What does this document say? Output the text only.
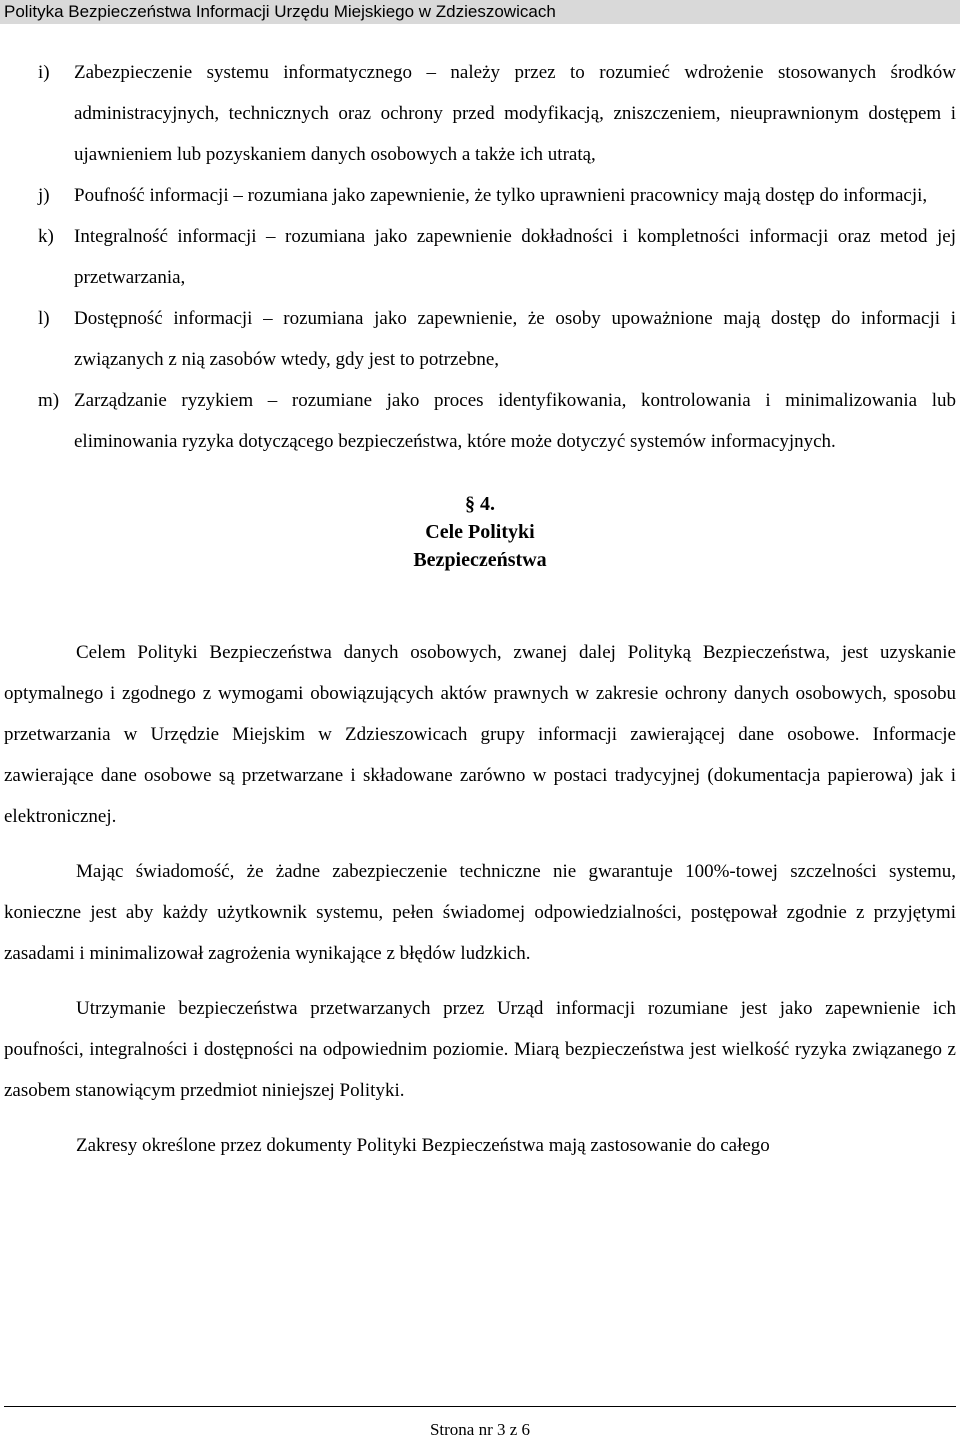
Polityka Bezpieczeństwa Informacji Urzędu Miejskiego w Zdzieszowicach
i) Zabezpieczenie systemu informatycznego – należy przez to rozumieć wdrożenie stosowanych środków administracyjnych, technicznych oraz ochrony przed modyfikacją, zniszczeniem, nieuprawnionym dostępem i ujawnieniem lub pozyskaniem danych osobowych a także ich utratą,
j) Poufność informacji – rozumiana jako zapewnienie, że tylko uprawnieni pracownicy mają dostęp do informacji,
k) Integralność informacji – rozumiana jako zapewnienie dokładności i kompletności informacji oraz metod jej przetwarzania,
l) Dostępność informacji – rozumiana jako zapewnienie, że osoby upoważnione mają dostęp do informacji i związanych z nią zasobów wtedy, gdy jest to potrzebne,
m) Zarządzanie ryzykiem – rozumiane jako proces identyfikowania, kontrolowania i minimalizowania lub eliminowania ryzyka dotyczącego bezpieczeństwa, które może dotyczyć systemów informacyjnych.
§ 4.
Cele Polityki
Bezpieczeństwa

Celem Polityki Bezpieczeństwa danych osobowych, zwanej dalej Polityką Bezpieczeństwa, jest uzyskanie optymalnego i zgodnego z wymogami obowiązujących aktów prawnych w zakresie ochrony danych osobowych, sposobu przetwarzania w Urzędzie Miejskim w Zdzieszowicach grupy informacji zawierającej dane osobowe. Informacje zawierające dane osobowe są przetwarzane i składowane zarówno w postaci tradycyjnej (dokumentacja papierowa) jak i elektronicznej.

Mając świadomość, że żadne zabezpieczenie techniczne nie gwarantuje 100%-towej szczelności systemu, konieczne jest aby każdy użytkownik systemu, pełen świadomej odpowiedzialności, postępował zgodnie z przyjętymi zasadami i minimalizował zagrożenia wynikające z błędów ludzkich.

Utrzymanie bezpieczeństwa przetwarzanych przez Urząd informacji rozumiane jest jako zapewnienie ich poufności, integralności i dostępności na odpowiednim poziomie. Miarą bezpieczeństwa jest wielkość ryzyka związanego z zasobem stanowiącym przedmiot niniejszej Polityki.

Zakresy określone przez dokumenty Polityki Bezpieczeństwa mają zastosowanie do całego

Strona nr 3 z 6
